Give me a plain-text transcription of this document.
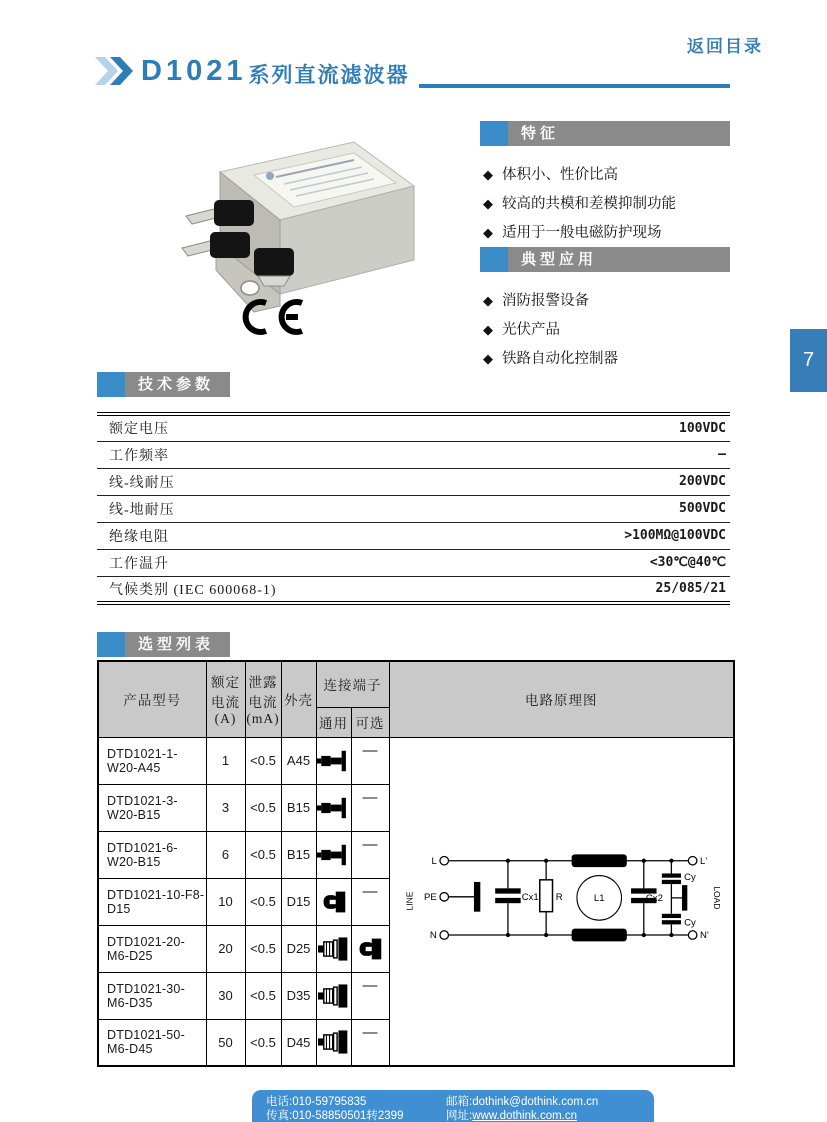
返回目录
D1021 系列直流滤波器
特征
◆ 体积小、性价比高
◆ 较高的共模和差模抑制功能
◆ 适用于一般电磁防护现场
典型应用
◆ 消防报警设备
◆ 光伏产品
◆ 铁路自动化控制器	7
技术参数
额定电压	100VDC
工作频率	—
线-线耐压	200VDC
线-地耐压	500VDC
绝缘电阻	>100MΩ@100VDC
工作温升	<30℃@40℃
气候类别 (IEC 600068-1)	25/085/21
选型列表
产品型号	额定电流(A)	泄露电流(mA)	外壳	连接端子		电路原理图
				通用	可选	
DTD1021-1-W20-A45	1	<0.5	A45		—	
LINE	LOAD
L
PE
N
L'
N'
Cx1 R	L1	Cx2
Cy
Cy

DTD1021-3-W20-B15	3	<0.5	B15		—	
DTD1021-6-W20-B15	6	<0.5	B15		—	
DTD1021-10-F8-D15	10	<0.5	D15		—	
DTD1021-20-M6-D25	20	<0.5	D25		
DTD1021-30-M6-D35	30	<0.5	D35		—	
DTD1021-50-M6-D45	50	<0.5	D45		—	
电话:010-59795835
传真:010-58850501转2399
邮箱:dothink@dothink.com.cn
网址:www.dothink.com.cn
